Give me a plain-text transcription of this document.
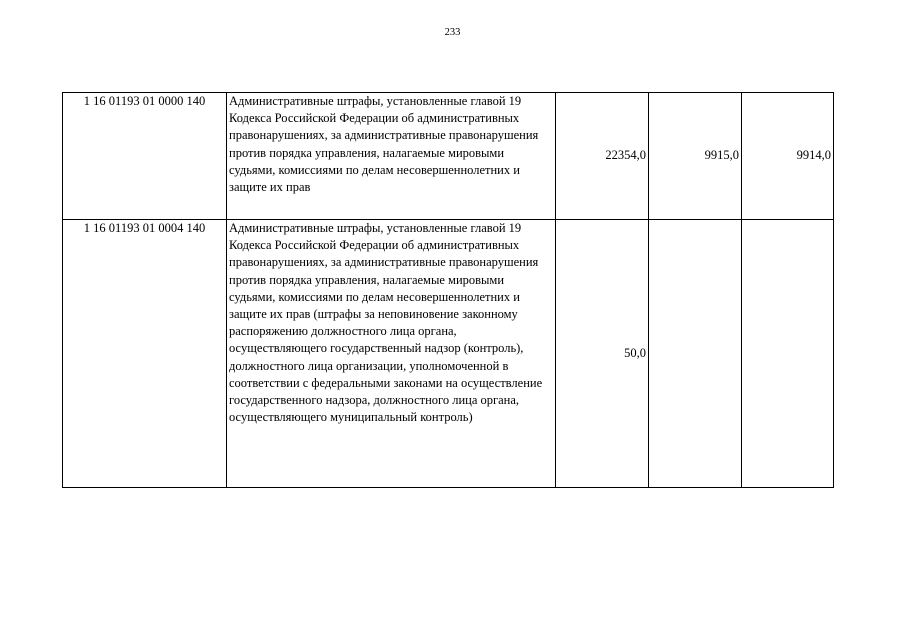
233
1 16 01193 01 0000 140	Административные штрафы, установленные главой 19 Кодекса Российской Федерации об административных правонарушениях, за административные правонарушения против порядка управления, налагаемые мировыми судьями, комиссиями по делам несовершеннолетних и защите их прав	22354,0	9915,0	9914,0
1 16 01193 01 0004 140	Административные штрафы, установленные главой 19 Кодекса Российской Федерации об административных правонарушениях, за административные правонарушения против порядка управления, налагаемые мировыми судьями, комиссиями по делам несовершеннолетних и защите их прав (штрафы за неповиновение законному распоряжению должностного лица органа, осуществляющего государственный надзор (контроль), должностного лица организации, уполномоченной в соответствии с федеральными законами на осуществление государственного надзора, должностного лица органа, осуществляющего муниципальный контроль)	50,0		
